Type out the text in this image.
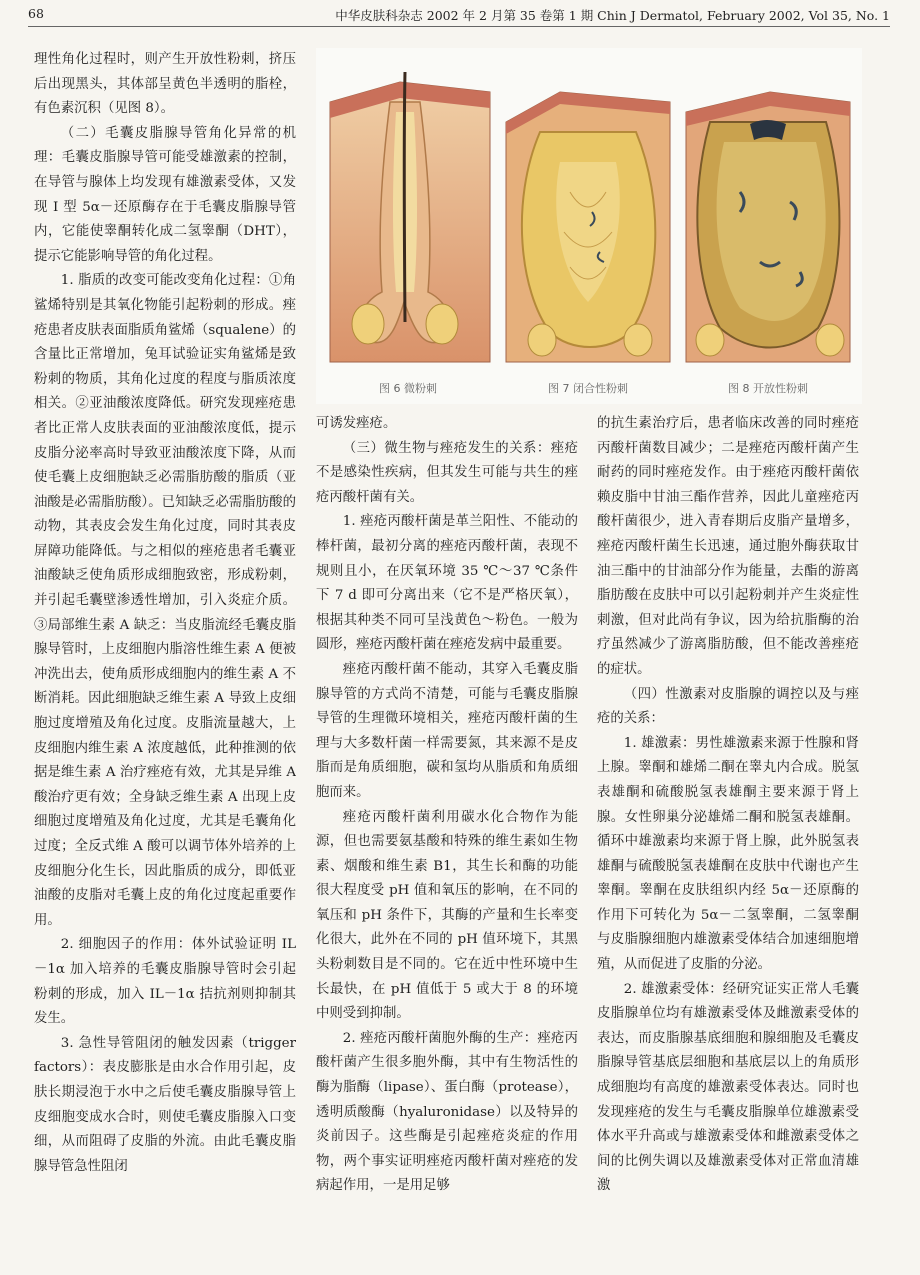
68	中华皮肤科杂志 2002 年 2 月第 35 卷第 1 期 Chin J Dermatol, February 2002, Vol 35, No. 1

理性角化过程时，则产生开放性粉刺，挤压后出现黑头，其体部呈黄色半透明的脂栓，有色素沉积（见图 8）。

（二）毛囊皮脂腺导管角化异常的机理：毛囊皮脂腺导管可能受雄激素的控制，在导管与腺体上均发现有雄激素受体，又发现 I 型 5α－还原酶存在于毛囊皮脂腺导管内，它能使睾酮转化成二氢睾酮（DHT），提示它能影响导管的角化过程。

1. 脂质的改变可能改变角化过程：①角鲨烯特别是其氧化物能引起粉刺的形成。痤疮患者皮肤表面脂质角鲨烯（squalene）的含量比正常增加，兔耳试验证实角鲨烯是致粉刺的物质，其角化过度的程度与脂质浓度相关。②亚油酸浓度降低。研究发现痤疮患者比正常人皮肤表面的亚油酸浓度低，提示皮脂分泌率高时导致亚油酸浓度下降，从而使毛囊上皮细胞缺乏必需脂肪酸的脂质（亚油酸是必需脂肪酸）。已知缺乏必需脂肪酸的动物，其表皮会发生角化过度，同时其表皮屏障功能降低。与之相似的痤疮患者毛囊亚油酸缺乏使角质形成细胞致密，形成粉刺，并引起毛囊壁渗透性增加，引入炎症介质。③局部维生素 A 缺乏：当皮脂流经毛囊皮脂腺导管时，上皮细胞内脂溶性维生素 A 便被冲洗出去，使角质形成细胞内的维生素 A 不断消耗。因此细胞缺乏维生素 A 导致上皮细胞过度增殖及角化过度。皮脂流量越大，上皮细胞内维生素 A 浓度越低，此种推测的依据是维生素 A 治疗痤疮有效，尤其是异维 A 酸治疗更有效；全身缺乏维生素 A 出现上皮细胞过度增殖及角化过度，尤其是毛囊角化过度；全反式维 A 酸可以调节体外培养的上皮细胞分化生长，因此脂质的成分，即低亚油酸的皮脂对毛囊上皮的角化过度起重要作用。

2. 细胞因子的作用：体外试验证明 IL－1α 加入培养的毛囊皮脂腺导管时会引起粉刺的形成，加入 IL－1α 拮抗剂则抑制其发生。

3. 急性导管阻闭的触发因素（trigger factors）：表皮膨胀是由水合作用引起，皮肤长期浸泡于水中之后使毛囊皮脂腺导管上皮细胞变成水合时，则使毛囊皮脂腺入口变细，从而阻碍了皮脂的外流。由此毛囊皮脂腺导管急性阻闭

图 6 微粉刺	图 7 闭合性粉刺	图 8 开放性粉刺

可诱发痤疮。

（三）微生物与痤疮发生的关系：痤疮不是感染性疾病，但其发生可能与共生的痤疮丙酸杆菌有关。

1. 痤疮丙酸杆菌是革兰阳性、不能动的棒杆菌，最初分离的痤疮丙酸杆菌，表现不规则且小，在厌氧环境 35 ℃～37 ℃条件下 7 d 即可分离出来（它不是严格厌氧），根据其种类不同可呈浅黄色～粉色。一般为圆形，痤疮丙酸杆菌在痤疮发病中最重要。

痤疮丙酸杆菌不能动，其穿入毛囊皮脂腺导管的方式尚不清楚，可能与毛囊皮脂腺导管的生理微环境相关，痤疮丙酸杆菌的生理与大多数杆菌一样需要氮，其来源不是皮脂而是角质细胞，碳和氢均从脂质和角质细胞而来。

痤疮丙酸杆菌利用碳水化合物作为能源，但也需要氨基酸和特殊的维生素如生物素、烟酸和维生素 B1，其生长和酶的功能很大程度受 pH 值和氧压的影响，在不同的氧压和 pH 条件下，其酶的产量和生长率变化很大，此外在不同的 pH 值环境下，其黑头粉刺数目是不同的。它在近中性环境中生长最快，在 pH 值低于 5 或大于 8 的环境中则受到抑制。

2. 痤疮丙酸杆菌胞外酶的生产：痤疮丙酸杆菌产生很多胞外酶，其中有生物活性的酶为脂酶（lipase）、蛋白酶（protease），透明质酸酶（hyaluronidase）以及特异的炎前因子。这些酶是引起痤疮炎症的作用物，两个事实证明痤疮丙酸杆菌对痤疮的发病起作用，一是用足够

的抗生素治疗后，患者临床改善的同时痤疮丙酸杆菌数目减少；二是痤疮丙酸杆菌产生耐药的同时痤疮发作。由于痤疮丙酸杆菌依赖皮脂中甘油三酯作营养，因此儿童痤疮丙酸杆菌很少，进入青春期后皮脂产量增多，痤疮丙酸杆菌生长迅速，通过胞外酶获取甘油三酯中的甘油部分作为能量，去酯的游离脂肪酸在皮肤中可以引起粉刺并产生炎症性刺激，但对此尚有争议，因为给抗脂酶的治疗虽然减少了游离脂肪酸，但不能改善痤疮的症状。

（四）性激素对皮脂腺的调控以及与痤疮的关系：

1. 雄激素：男性雄激素来源于性腺和肾上腺。睾酮和雄烯二酮在睾丸内合成。脱氢表雄酮和硫酸脱氢表雄酮主要来源于肾上腺。女性卵巢分泌雄烯二酮和脱氢表雄酮。循环中雄激素均来源于肾上腺，此外脱氢表雄酮与硫酸脱氢表雄酮在皮肤中代谢也产生睾酮。睾酮在皮肤组织内经 5α－还原酶的作用下可转化为 5α－二氢睾酮，二氢睾酮与皮脂腺细胞内雄激素受体结合加速细胞增殖，从而促进了皮脂的分泌。

2. 雄激素受体：经研究证实正常人毛囊皮脂腺单位均有雄激素受体及雌激素受体的表达，而皮脂腺基底细胞和腺细胞及毛囊皮脂腺导管基底层细胞和基底层以上的角质形成细胞均有高度的雄激素受体表达。同时也发现痤疮的发生与毛囊皮脂腺单位雄激素受体水平升高或与雄激素受体和雌激素受体之间的比例失调以及雄激素受体对正常血清雄激
